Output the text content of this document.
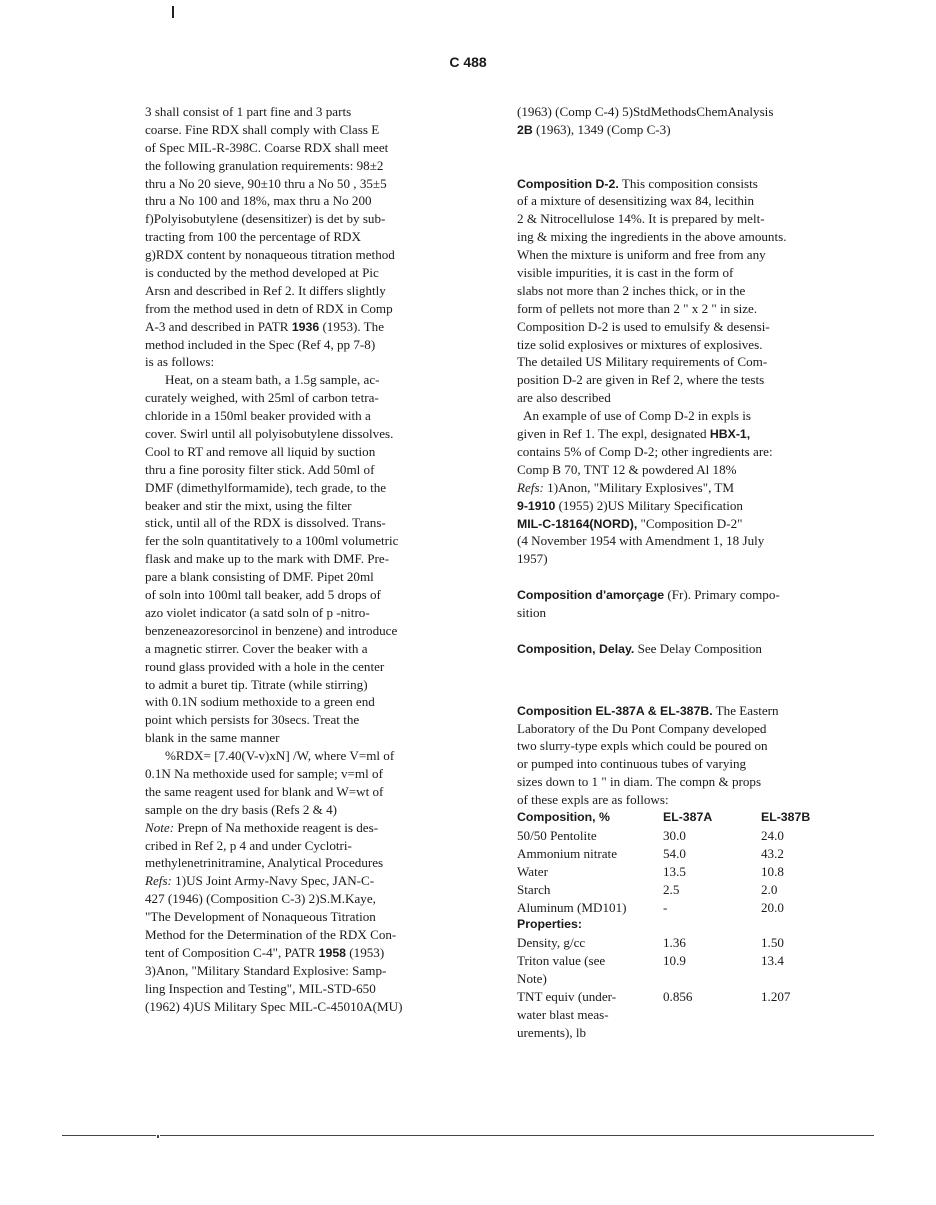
C 488
3 shall consist of 1 part fine and 3 parts
coarse. Fine RDX shall comply with Class E
of Spec MIL-R-398C. Coarse RDX shall meet
the following granulation requirements: 98±2
thru a No 20 sieve, 90±10 thru a No 50 , 35±5
thru a No 100 and 18%, max thru a No 200
f)Polyisobutylene (desensitizer) is det by sub-
tracting from 100 the percentage of RDX
g)RDX content by nonaqueous titration method
is conducted by the method developed at Pic
Arsn and described in Ref 2. It differs slightly
from the method used in detn of RDX in Comp
A-3 and described in PATR 1936 (1953). The
method included in the Spec (Ref 4, pp 7-8)
is as follows:
Heat, on a steam bath, a 1.5g sample, ac-
curately weighed, with 25ml of carbon tetra-
chloride in a 150ml beaker provided with a
cover. Swirl until all polyisobutylene dissolves.
Cool to RT and remove all liquid by suction
thru a fine porosity filter stick. Add 50ml of
DMF (dimethylformamide), tech grade, to the
beaker and stir the mixt, using the filter
stick, until all of the RDX is dissolved. Trans-
fer the soln quantitatively to a 100ml volumetric
flask and make up to the mark with DMF. Pre-
pare a blank consisting of DMF. Pipet 20ml
of soln into 100ml tall beaker, add 5 drops of
azo violet indicator (a satd soln of p -nitro-
benzeneazoresorcinol in benzene) and introduce
a magnetic stirrer. Cover the beaker with a
round glass provided with a hole in the center
to admit a buret tip. Titrate (while stirring)
with 0.1N sodium methoxide to a green end
point which persists for 30secs. Treat the
blank in the same manner
%RDX= [7.40(V-v)xN] /W, where V=ml of
0.1N Na methoxide used for sample; v=ml of
the same reagent used for blank and W=wt of
sample on the dry basis (Refs 2 & 4)
Note: Prepn of Na methoxide reagent is des-
cribed in Ref 2, p 4 and under Cyclotri-
methylenetrinitramine, Analytical Procedures
Refs: 1)US Joint Army-Navy Spec, JAN-C-
427 (1946) (Composition C-3) 2)S.M.Kaye,
"The Development of Nonaqueous Titration
Method for the Determination of the RDX Con-
tent of Composition C-4", PATR 1958 (1953)
3)Anon, "Military Standard Explosive: Samp-
ling Inspection and Testing", MIL-STD-650
(1962) 4)US Military Spec MIL-C-45010A(MU)
(1963) (Comp C-4) 5)StdMethodsChemAnalysis
2B (1963), 1349 (Comp C-3)
Composition D-2. This composition consists
of a mixture of desensitizing wax 84, lecithin
2 & Nitrocellulose 14%. It is prepared by melt-
ing & mixing the ingredients in the above amounts.
When the mixture is uniform and free from any
visible impurities, it is cast in the form of
slabs not more than 2 inches thick, or in the
form of pellets not more than 2 " x 2 " in size.
Composition D-2 is used to emulsify & desensi-
tize solid explosives or mixtures of explosives.
The detailed US Military requirements of Com-
position D-2 are given in Ref 2, where the tests
are also described
An example of use of Comp D-2 in expls is
given in Ref 1. The expl, designated HBX-1,
contains 5% of Comp D-2; other ingredients are:
Comp B 70, TNT 12 & powdered Al 18%
Refs: 1)Anon, "Military Explosives", TM
9-1910 (1955) 2)US Military Specification
MIL-C-18164(NORD), "Composition D-2"
(4 November 1954 with Amendment 1, 18 July
1957)
Composition d'amorçage (Fr). Primary compo-
sition
Composition, Delay. See Delay Composition
Composition EL-387A & EL-387B. The Eastern
Laboratory of the Du Pont Company developed
two slurry-type expls which could be poured on
or pumped into continuous tubes of varying
sizes down to 1 " in diam. The compn & props
of these expls are as follows:
Composition, %	EL-387A	EL-387B
50/50 Pentolite	30.0	24.0
Ammonium nitrate	54.0	43.2
Water	13.5	10.8
Starch	2.5	2.0
Aluminum (MD101)	-	20.0
Properties:		
Density, g/cc	1.36	1.50
Triton value (see	10.9	13.4
Note)		
TNT equiv (under-	0.856	1.207
water blast meas-		
urements), lb		
